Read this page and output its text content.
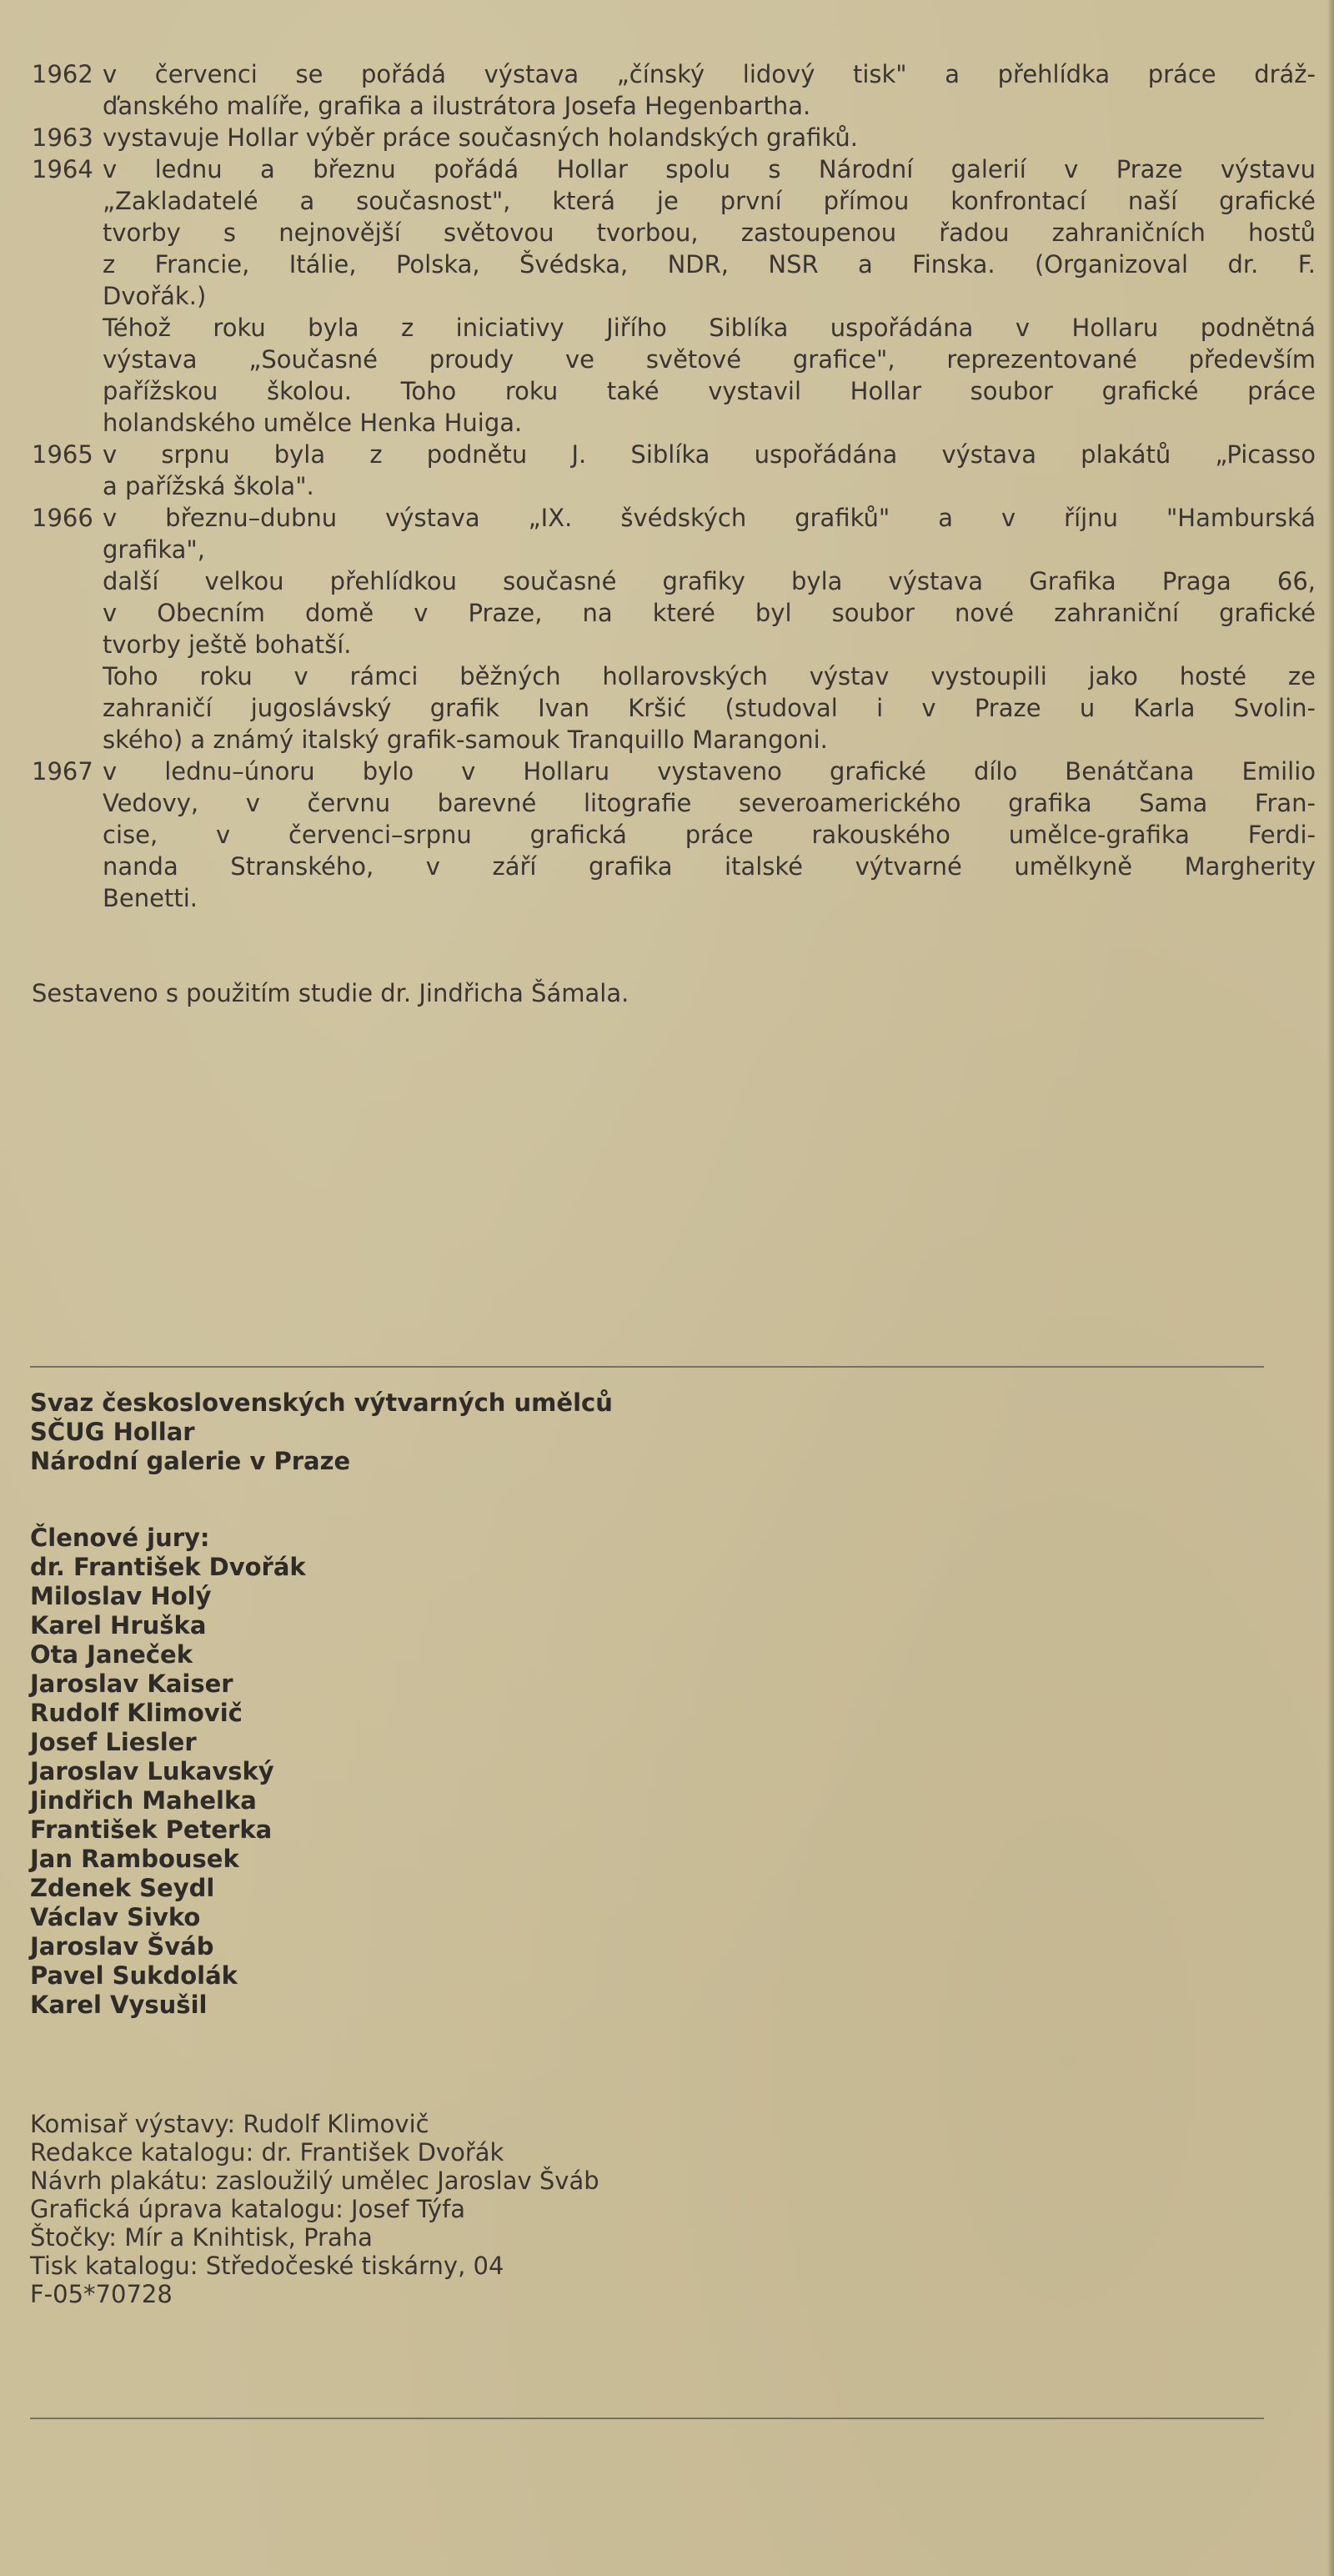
1962 v červenci se pořádá výstava „čínský lidový tisk" a přehlídka práce dráž-
ďanského malíře, grafika a ilustrátora Josefa Hegenbartha.
1963 vystavuje Hollar výběr práce současných holandských grafiků.
1964 v lednu a březnu pořádá Hollar spolu s Národní galerií v Praze výstavu
„Zakladatelé a současnost", která je první přímou konfrontací naší grafické
tvorby s nejnovější světovou tvorbou, zastoupenou řadou zahraničních hostů
z Francie, Itálie, Polska, Švédska, NDR, NSR a Finska. (Organizoval dr. F.
Dvořák.)
Téhož roku byla z iniciativy Jiřího Siblíka uspořádána v Hollaru podnětná
výstava „Současné proudy ve světové grafice", reprezentované především
pařížskou školou. Toho roku také vystavil Hollar soubor grafické práce
holandského umělce Henka Huiga.
1965 v srpnu byla z podnětu J. Siblíka uspořádána výstava plakátů „Picasso
a pařížská škola".
1966 v březnu–dubnu výstava „IX. švédských grafiků" a v říjnu "Hamburská
grafika",
další velkou přehlídkou současné grafiky byla výstava Grafika Praga 66,
v Obecním domě v Praze, na které byl soubor nové zahraniční grafické
tvorby ještě bohatší.
Toho roku v rámci běžných hollarovských výstav vystoupili jako hosté ze
zahraničí jugoslávský grafik Ivan Kršić (studoval i v Praze u Karla Svolin-
ského) a známý italský grafik-samouk Tranquillo Marangoni.
1967 v lednu–únoru bylo v Hollaru vystaveno grafické dílo Benátčana Emilio
Vedovy, v červnu barevné litografie severoamerického grafika Sama Fran-
cise, v červenci–srpnu grafická práce rakouského umělce-grafika Ferdi-
nanda Stranského, v září grafika italské výtvarné umělkyně Margherity
Benetti.
Sestaveno s použitím studie dr. Jindřicha Šámala.
Svaz československých výtvarných umělců
SČUG Hollar
Národní galerie v Praze
Členové jury:
dr. František Dvořák
Miloslav Holý
Karel Hruška
Ota Janeček
Jaroslav Kaiser
Rudolf Klimovič
Josef Liesler
Jaroslav Lukavský
Jindřich Mahelka
František Peterka
Jan Rambousek
Zdenek Seydl
Václav Sivko
Jaroslav Šváb
Pavel Sukdolák
Karel Vysušil
Komisař výstavy: Rudolf Klimovič
Redakce katalogu: dr. František Dvořák
Návrh plakátu: zasloužilý umělec Jaroslav Šváb
Grafická úprava katalogu: Josef Týfa
Štočky: Mír a Knihtisk, Praha
Tisk katalogu: Středočeské tiskárny, 04
F-05*70728
